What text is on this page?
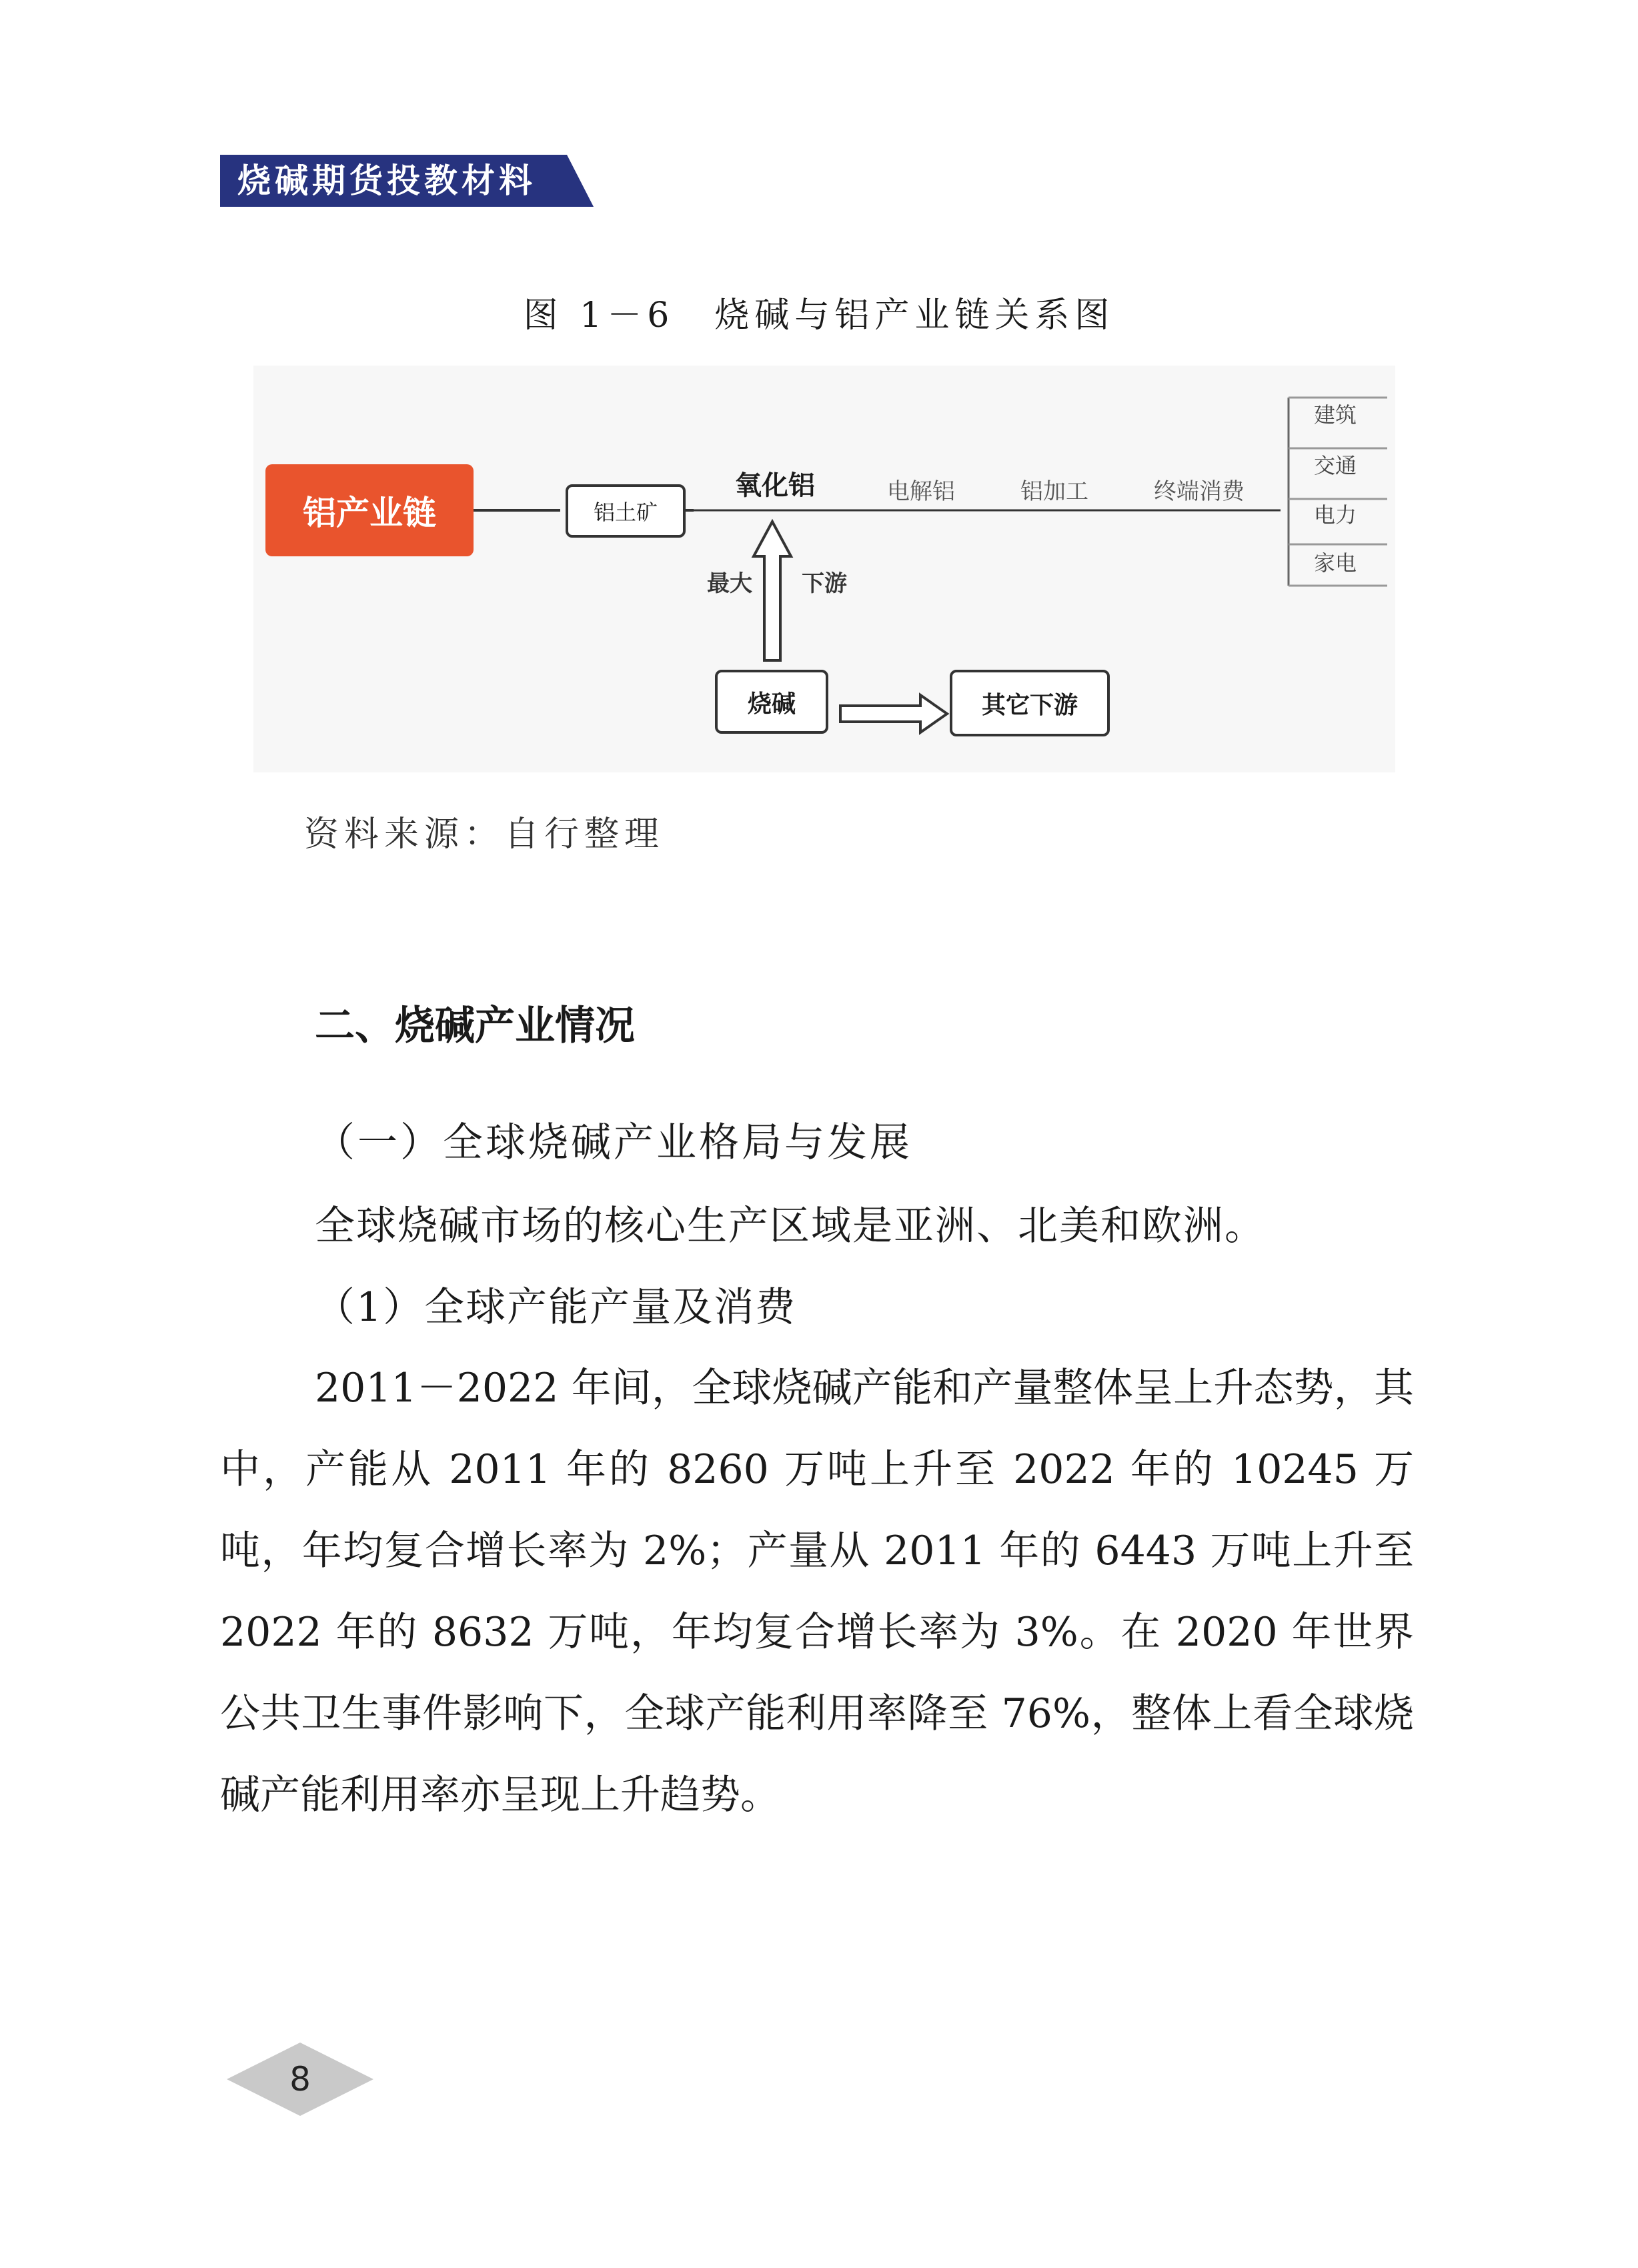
烧碱期货投教材料
图 1－6　烧碱与铝产业链关系图
铝产业链	铝土矿
氧化铝	电解铝	铝加工	终端消费
建筑
交通
电力
家电
最大 下游
烧碱	其它下游
资料来源：自行整理
二、烧碱产业情况
（一）全球烧碱产业格局与发展
全球烧碱市场的核心生产区域是亚洲、北美和欧洲。
（1）全球产能产量及消费
2011－2022 年间，全球烧碱产能和产量整体呈上升态势，其中，产能从 2011 年的 8260 万吨上升至 2022 年的 10245 万吨，年均复合增长率为 2%；产量从 2011 年的 6443 万吨上升至 2022 年的 8632 万吨，年均复合增长率为 3%。在 2020 年世界公共卫生事件影响下，全球产能利用率降至 76%，整体上看全球烧碱产能利用率亦呈现上升趋势。
8
